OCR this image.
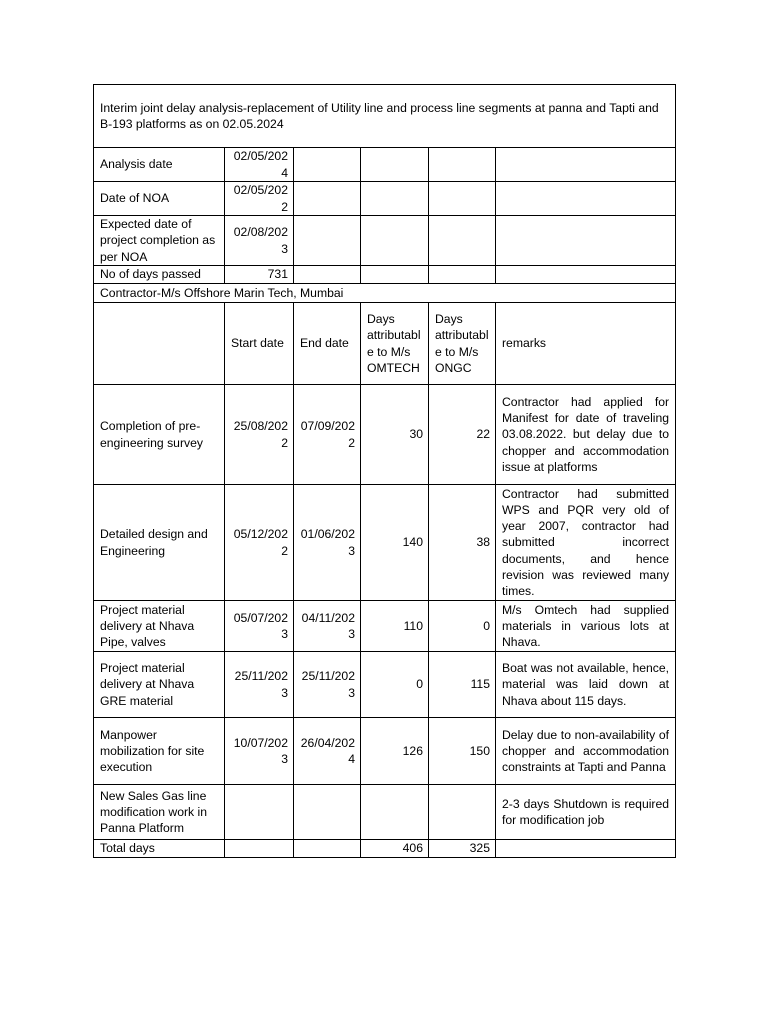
Interim joint delay analysis-replacement of Utility line and process line segments at panna and Tapti and B-193 platforms as on 02.05.2024					
Analysis date	02/05/2024				
Date of NOA	02/05/2022				
Expected date of project completion as per NOA	02/08/2023				
No of days passed	731				
Contractor-M/s Offshore Marin Tech, Mumbai					
	Start date	End date	Days attributable to M/s OMTECH	Days attributable to M/s ONGC	remarks
Completion of pre-engineering survey	25/08/2022	07/09/2022	30	22	Contractor had applied for Manifest for date of traveling 03.08.2022. but delay due to chopper and accommodation issue at platforms
Detailed design and Engineering	05/12/2022	01/06/2023	140	38	Contractor had submitted WPS and PQR very old of year 2007, contractor had submitted incorrect documents, and hence revision was reviewed many times.
Project material delivery at Nhava Pipe, valves	05/07/2023	04/11/2023	110	0	M/s Omtech had supplied materials in various lots at Nhava.
Project material delivery at Nhava GRE material	25/11/2023	25/11/2023	0	115	Boat was not available, hence, material was laid down at Nhava about 115 days.
Manpower mobilization for site execution	10/07/2023	26/04/2024	126	150	Delay due to non-availability of chopper and accommodation constraints at Tapti and Panna
New Sales Gas line modification work in Panna Platform					2-3 days Shutdown is required for modification job
Total days			406	325	
